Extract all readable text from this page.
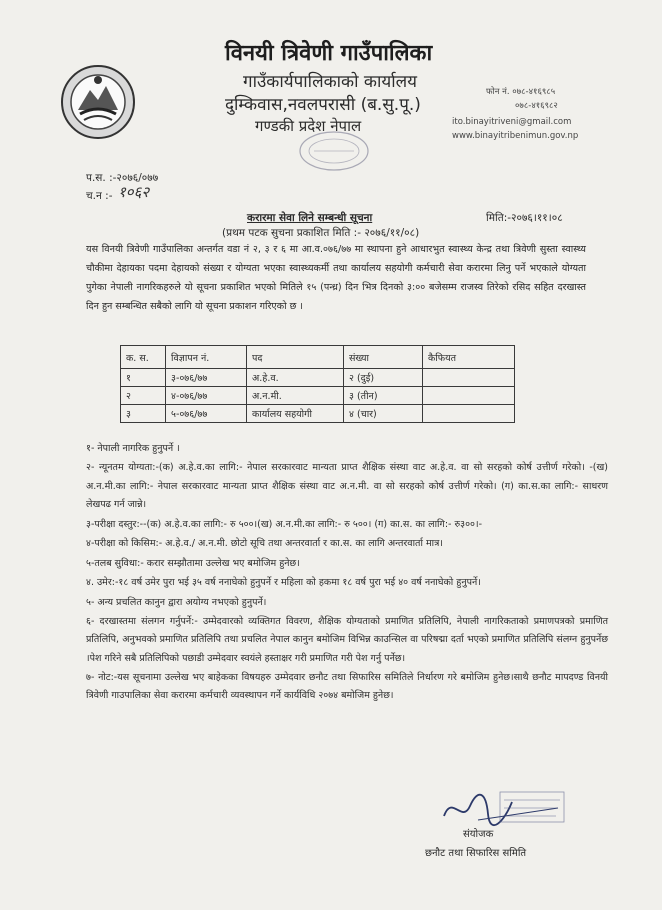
विनयी त्रिवेणी गाउँपालिका
गाउँकार्यपालिकाको कार्यालय
दुम्किवास,नवलपरासी (ब.सु.पू.)
गण्डकी प्रदेश नेपाल
फोन नं. ०७८-४१६९८५
०७८-४१६९८२
ito.binayitriveni@gmail.com
www.binayitribenimun.gov.np
प.स. :-२०७६/०७७
च.न :- १०६२
करारमा सेवा लिने सम्बन्धी सूचना	मिति:-२०७६।११।०८
(प्रथम पटक सुचना प्रकाशित मिति :- २०७६/११/०८)
यस विनयी त्रिवेणी गाउँपालिका अन्तर्गत वडा नं २, ३ र ६ मा आ.व.०७६/७७ मा स्थापना हुने आधारभुत स्वास्थ्य केन्द्र तथा त्रिवेणी सुस्ता स्वास्थ्य चौकीमा देहायका पदमा देहायको संख्या र योग्यता भएका स्वास्थ्यकर्मी तथा कार्यालय सहयोगी कर्मचारी सेवा करारमा लिनु पर्ने भएकाले योग्यता पुगेका नेपाली नागरिकहरुले यो सूचना प्रकाशित भएको मितिले १५ (पन्ध्र) दिन भित्र दिनको ३:०० बजेसम्म राजस्व तिरेको रसिद सहित दरखास्त दिन हुन सम्बन्धित सबैको लागि यो सूचना प्रकाशन गरिएको छ ।
क. स.	विज्ञापन नं.	पद	संख्या	कैफियत
१	३-०७६/७७	अ.हे.व.	२ (दुई)	
२	४-०७६/७७	अ.न.मी.	३ (तीन)	
३	५-०७६/७७	कार्यालय सहयोगी	४ (चार)	

१- नेपाली नागरिक हुनुपर्ने ।

२- न्यूनतम योग्यता:-(क) अ.हे.व.का लागि:- नेपाल सरकारवाट मान्यता प्राप्त शैक्षिक संस्था वाट अ.हे.व. वा सो सरहको कोर्ष उत्तीर्ण गरेको। -(ख) अ.न.मी.का लागि:- नेपाल सरकारवाट मान्यता प्राप्त शैक्षिक संस्था वाट अ.न.मी. वा सो सरहको कोर्ष उत्तीर्ण गरेको। (ग) का.स.का लागि:- साधरण लेखपढ गर्न जान्ने।

३-परीक्षा दस्तुर:--(क) अ.हे.व.का लागि:- रु ५००।(ख) अ.न.मी.का लागि:- रु ५००। (ग) का.स. का लागि:- रु३००।-

४-परीक्षा को किसिम:- अ.हे.व./ अ.न.मी. छोटो सूचि तथा अन्तरवार्ता र का.स. का लागि अन्तरवार्ता मात्र।

५-तलब सुविधा:- करार सम्झौतामा उल्लेख भए बमोजिम हुनेछ।

४. उमेर:-१८ वर्ष उमेर पुरा भई ३५ वर्ष ननाघेको हुनुपर्ने र महिला को हकमा १८ वर्ष पुरा भई ४० वर्ष ननाघेको हुनुपर्ने।

५- अन्य प्रचलित कानुन द्वारा अयोग्य नभएको हुनुपर्ने।

६- दरखास्तमा संलगन गर्नुपर्ने:- उम्मेदवारको व्यक्तिगत विवरण, शैक्षिक योग्यताको प्रमाणित प्रतिलिपि, नेपाली नागरिकताको प्रमाणपत्रको प्रमाणित प्रतिलिपि, अनुभवको प्रमाणित प्रतिलिपि तथा प्रचलित नेपाल कानुन बमोजिम विभिन्न काउन्सिल वा परिषद्मा दर्ता भएको प्रमाणित प्रतिलिपि संलग्न हुनुपर्नेछ ।पेश गरिने सबै प्रतिलिपिको पछाडी उम्मेदवार स्वयंले हस्ताक्षर गरी प्रमाणित गरी पेश गर्नु पर्नेछ।

७- नोट:-यस सूचनामा उल्लेख भए बाहेकका विषयहरु उम्मेदवार छनौट तथा सिफारिस समितिले निर्धारण गरे बमोजिम हुनेछ।साथै छनौट मापदण्ड विनयी त्रिवेणी गाउपालिका सेवा करारमा कर्मचारी व्यवस्थापन गर्ने कार्यविधि २०७४ बमोजिम हुनेछ।

संयोजक
छनौट तथा सिफारिस समिति
